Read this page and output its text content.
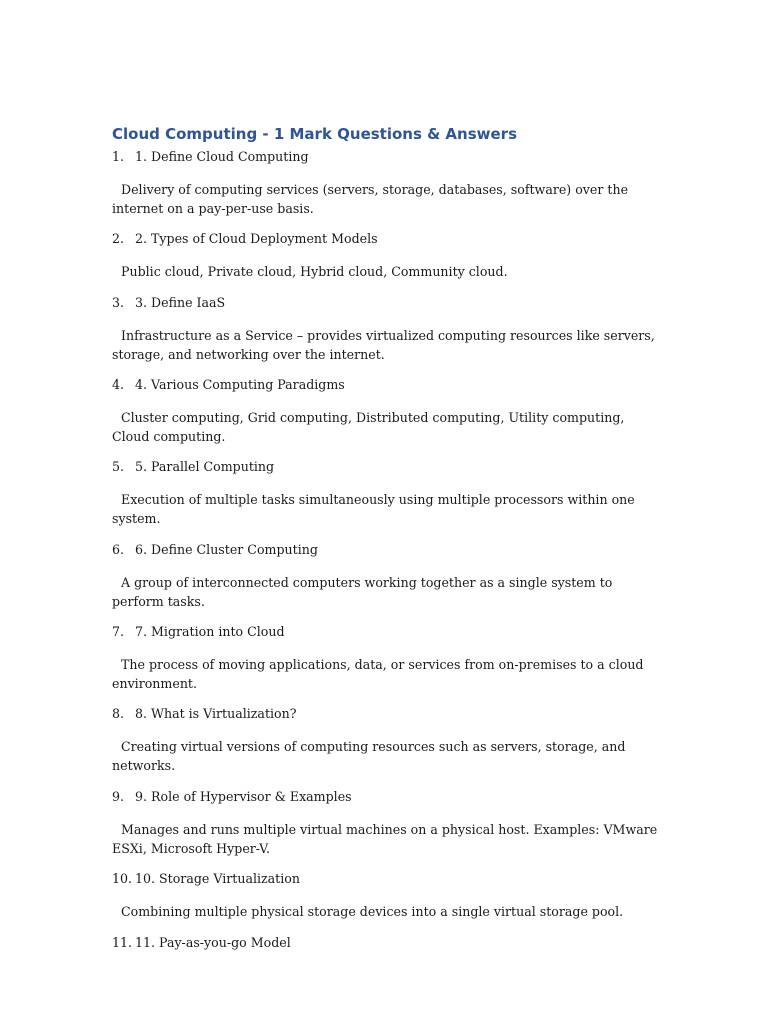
Cloud Computing - 1 Mark Questions & Answers
1. 1. Define Cloud Computing

Delivery of computing services (servers, storage, databases, software) over the internet on a pay-per-use basis.

2. 2. Types of Cloud Deployment Models

Public cloud, Private cloud, Hybrid cloud, Community cloud.

3. 3. Define IaaS

Infrastructure as a Service – provides virtualized computing resources like servers, storage, and networking over the internet.

4. 4. Various Computing Paradigms

Cluster computing, Grid computing, Distributed computing, Utility computing, Cloud computing.

5. 5. Parallel Computing

Execution of multiple tasks simultaneously using multiple processors within one system.

6. 6. Define Cluster Computing

A group of interconnected computers working together as a single system to perform tasks.

7. 7. Migration into Cloud

The process of moving applications, data, or services from on-premises to a cloud environment.

8. 8. What is Virtualization?

Creating virtual versions of computing resources such as servers, storage, and networks.

9. 9. Role of Hypervisor & Examples

Manages and runs multiple virtual machines on a physical host. Examples: VMware ESXi, Microsoft Hyper-V.

10. 10. Storage Virtualization

Combining multiple physical storage devices into a single virtual storage pool.

11. 11. Pay-as-you-go Model
